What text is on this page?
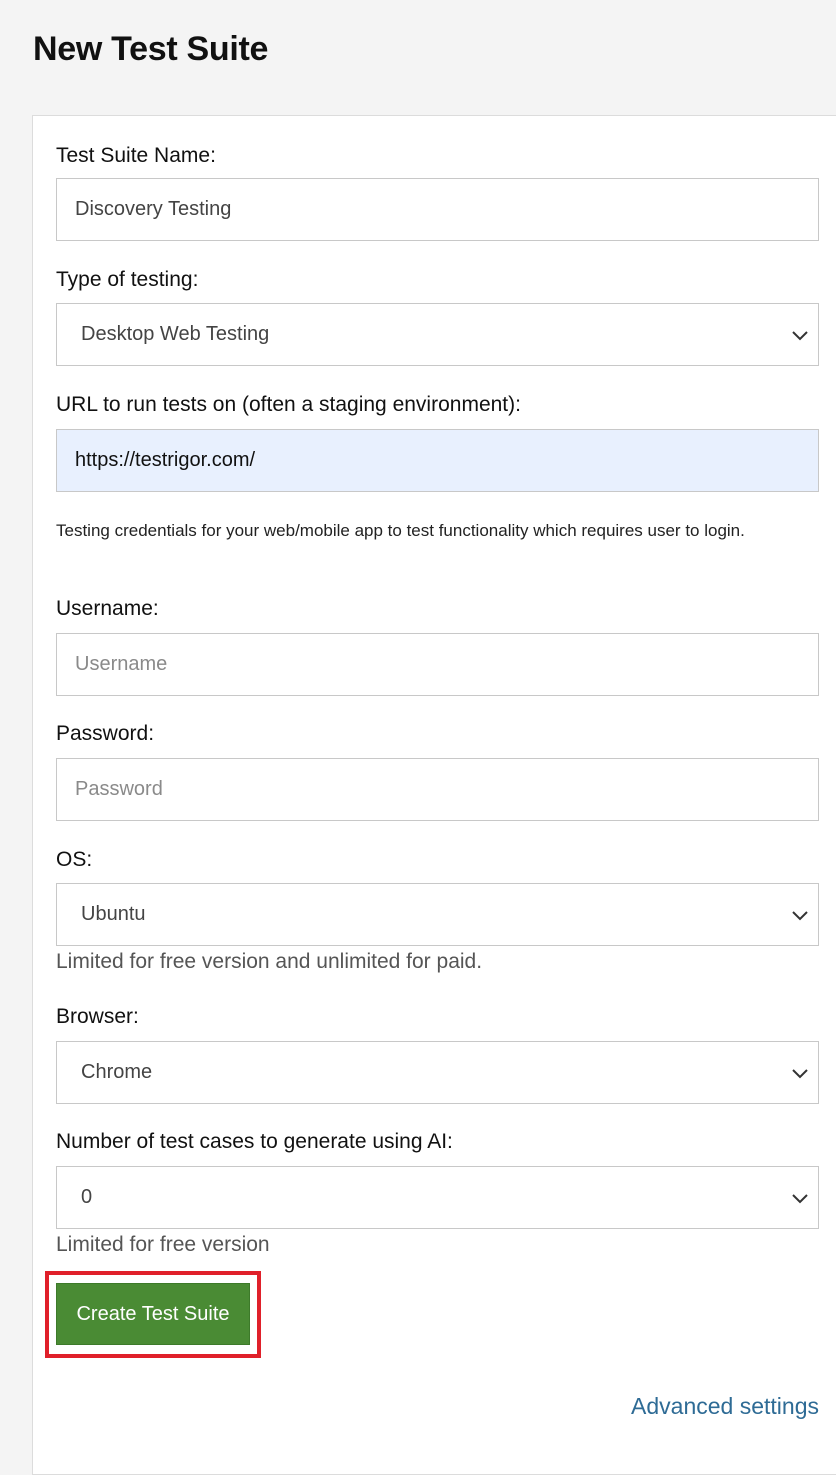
New Test Suite
Test Suite Name:
Discovery Testing
Type of testing:
Desktop Web Testing
URL to run tests on (often a staging environment):
https://testrigor.com/
Testing credentials for your web/mobile app to test functionality which requires user to login.
Username:
Username
Password:
Password
OS:
Ubuntu
Limited for free version and unlimited for paid.
Browser:
Chrome
Number of test cases to generate using AI:
0
Limited for free version
Create Test Suite
Advanced settings
